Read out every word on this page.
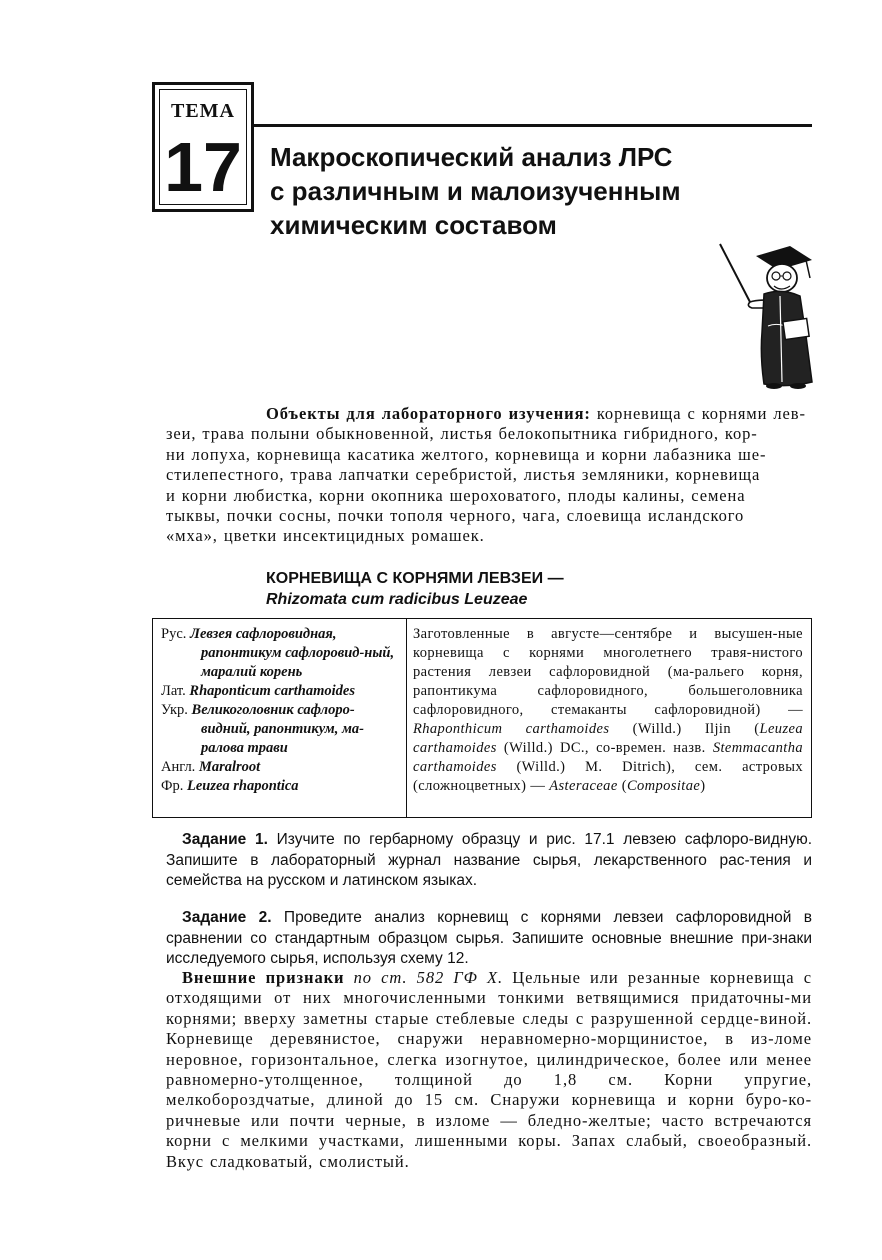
ТЕМА
17 Макроскопический анализ ЛРС
с различным и малоизученным
химическим составом
Объекты для лабораторного изучения: корневища с корнями лев-
зеи, трава полыни обыкновенной, листья белокопытника гибридного, кор-
ни лопуха, корневища касатика желтого, корневища и корни лабазника ше-
стилепестного, трава лапчатки серебристой, листья земляники, корневища
и корни любистка, корни окопника шероховатого, плоды калины, семена
тыквы, почки сосны, почки тополя черного, чага, слоевища исландского
«мха», цветки инсектицидных ромашек.
КОРНЕВИЩА С КОРНЯМИ ЛЕВЗЕИ —
Rhizomata cum radicibus Leuzeae
Рус. Левзея сафлоровидная, рапонтикум сафлоровид-ный, маралий корень
Лат. Rhaponticum carthamoides
Укр. Великоголовник сафлоро-видний, рапонтикум, ма-ралова трави
Англ. Maralroot
Фр. Leuzea rhapontica
Заготовленные в августе—сентябре и высушен-ные корневища с корнями многолетнего травя-нистого растения левзеи сафлоровидной (ма-ральего корня, рапонтикума сафлоровидного, большеголовника сафлоровидного, стемаканты сафлоровидной) — Rhaponthicum carthamoides (Willd.) Iljin (Leuzea carthamoides (Willd.) DC., со-времен. назв. Stemmacantha carthamoides (Willd.) M. Ditrich), сем. астровых (сложноцветных) — Asteraceae (Compositae)
Задание 1. Изучите по гербарному образцу и рис. 17.1 левзею сафлоро-видную. Запишите в лабораторный журнал название сырья, лекарственного рас-тения и семейства на русском и латинском языках.
Задание 2. Проведите анализ корневищ с корнями левзеи сафлоровидной в сравнении со стандартным образцом сырья. Запишите основные внешние при-знаки исследуемого сырья, используя схему 12.
Внешние признаки по ст. 582 ГФ X. Цельные или резанные корневища с отходящими от них многочисленными тонкими ветвящимися придаточны-ми корнями; вверху заметны старые стеблевые следы с разрушенной сердце-виной. Корневище деревянистое, снаружи неравномерно-морщинистое, в из-ломе неровное, горизонтальное, слегка изогнутое, цилиндрическое, более или менее равномерно-утолщенное, толщиной до 1,8 см. Корни упругие, мелкобороздчатые, длиной до 15 см. Снаружи корневища и корни буро-ко-ричневые или почти черные, в изломе — бледно-желтые; часто встречаются корни с мелкими участками, лишенными коры. Запах слабый, своеобразный. Вкус сладковатый, смолистый.
